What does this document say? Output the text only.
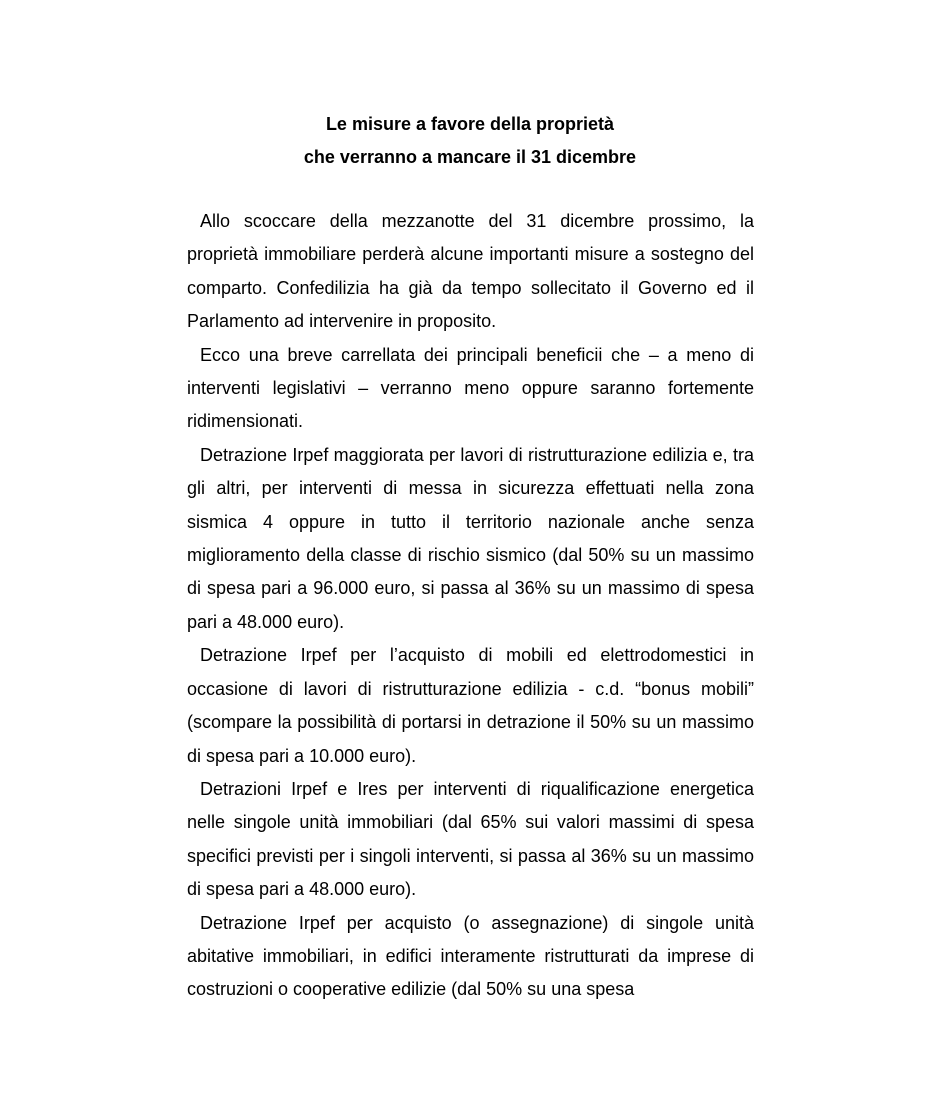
Le misure a favore della proprietà

che verranno a mancare il 31 dicembre

Allo scoccare della mezzanotte del 31 dicembre prossimo, la proprietà immobiliare perderà alcune importanti misure a sostegno del comparto. Confedilizia ha già da tempo sollecitato il Governo ed il Parlamento ad intervenire in proposito.

Ecco una breve carrellata dei principali beneficii che – a meno di interventi legislativi – verranno meno oppure saranno fortemente ridimensionati.

Detrazione Irpef maggiorata per lavori di ristrutturazione edilizia e, tra gli altri, per interventi di messa in sicurezza effettuati nella zona sismica 4 oppure in tutto il territorio nazionale anche senza miglioramento della classe di rischio sismico (dal 50% su un massimo di spesa pari a 96.000 euro, si passa al 36% su un massimo di spesa pari a 48.000 euro).

Detrazione Irpef per l’acquisto di mobili ed elettrodomestici in occasione di lavori di ristrutturazione edilizia - c.d. “bonus mobili” (scompare la possibilità di portarsi in detrazione il 50% su un massimo di spesa pari a 10.000 euro).

Detrazioni Irpef e Ires per interventi di riqualificazione energetica nelle singole unità immobiliari (dal 65% sui valori massimi di spesa specifici previsti per i singoli interventi, si passa al 36% su un massimo di spesa pari a 48.000 euro).

Detrazione Irpef per acquisto (o assegnazione) di singole unità abitative immobiliari, in edifici interamente ristrutturati da imprese di costruzioni o cooperative edilizie (dal 50% su una spesa
